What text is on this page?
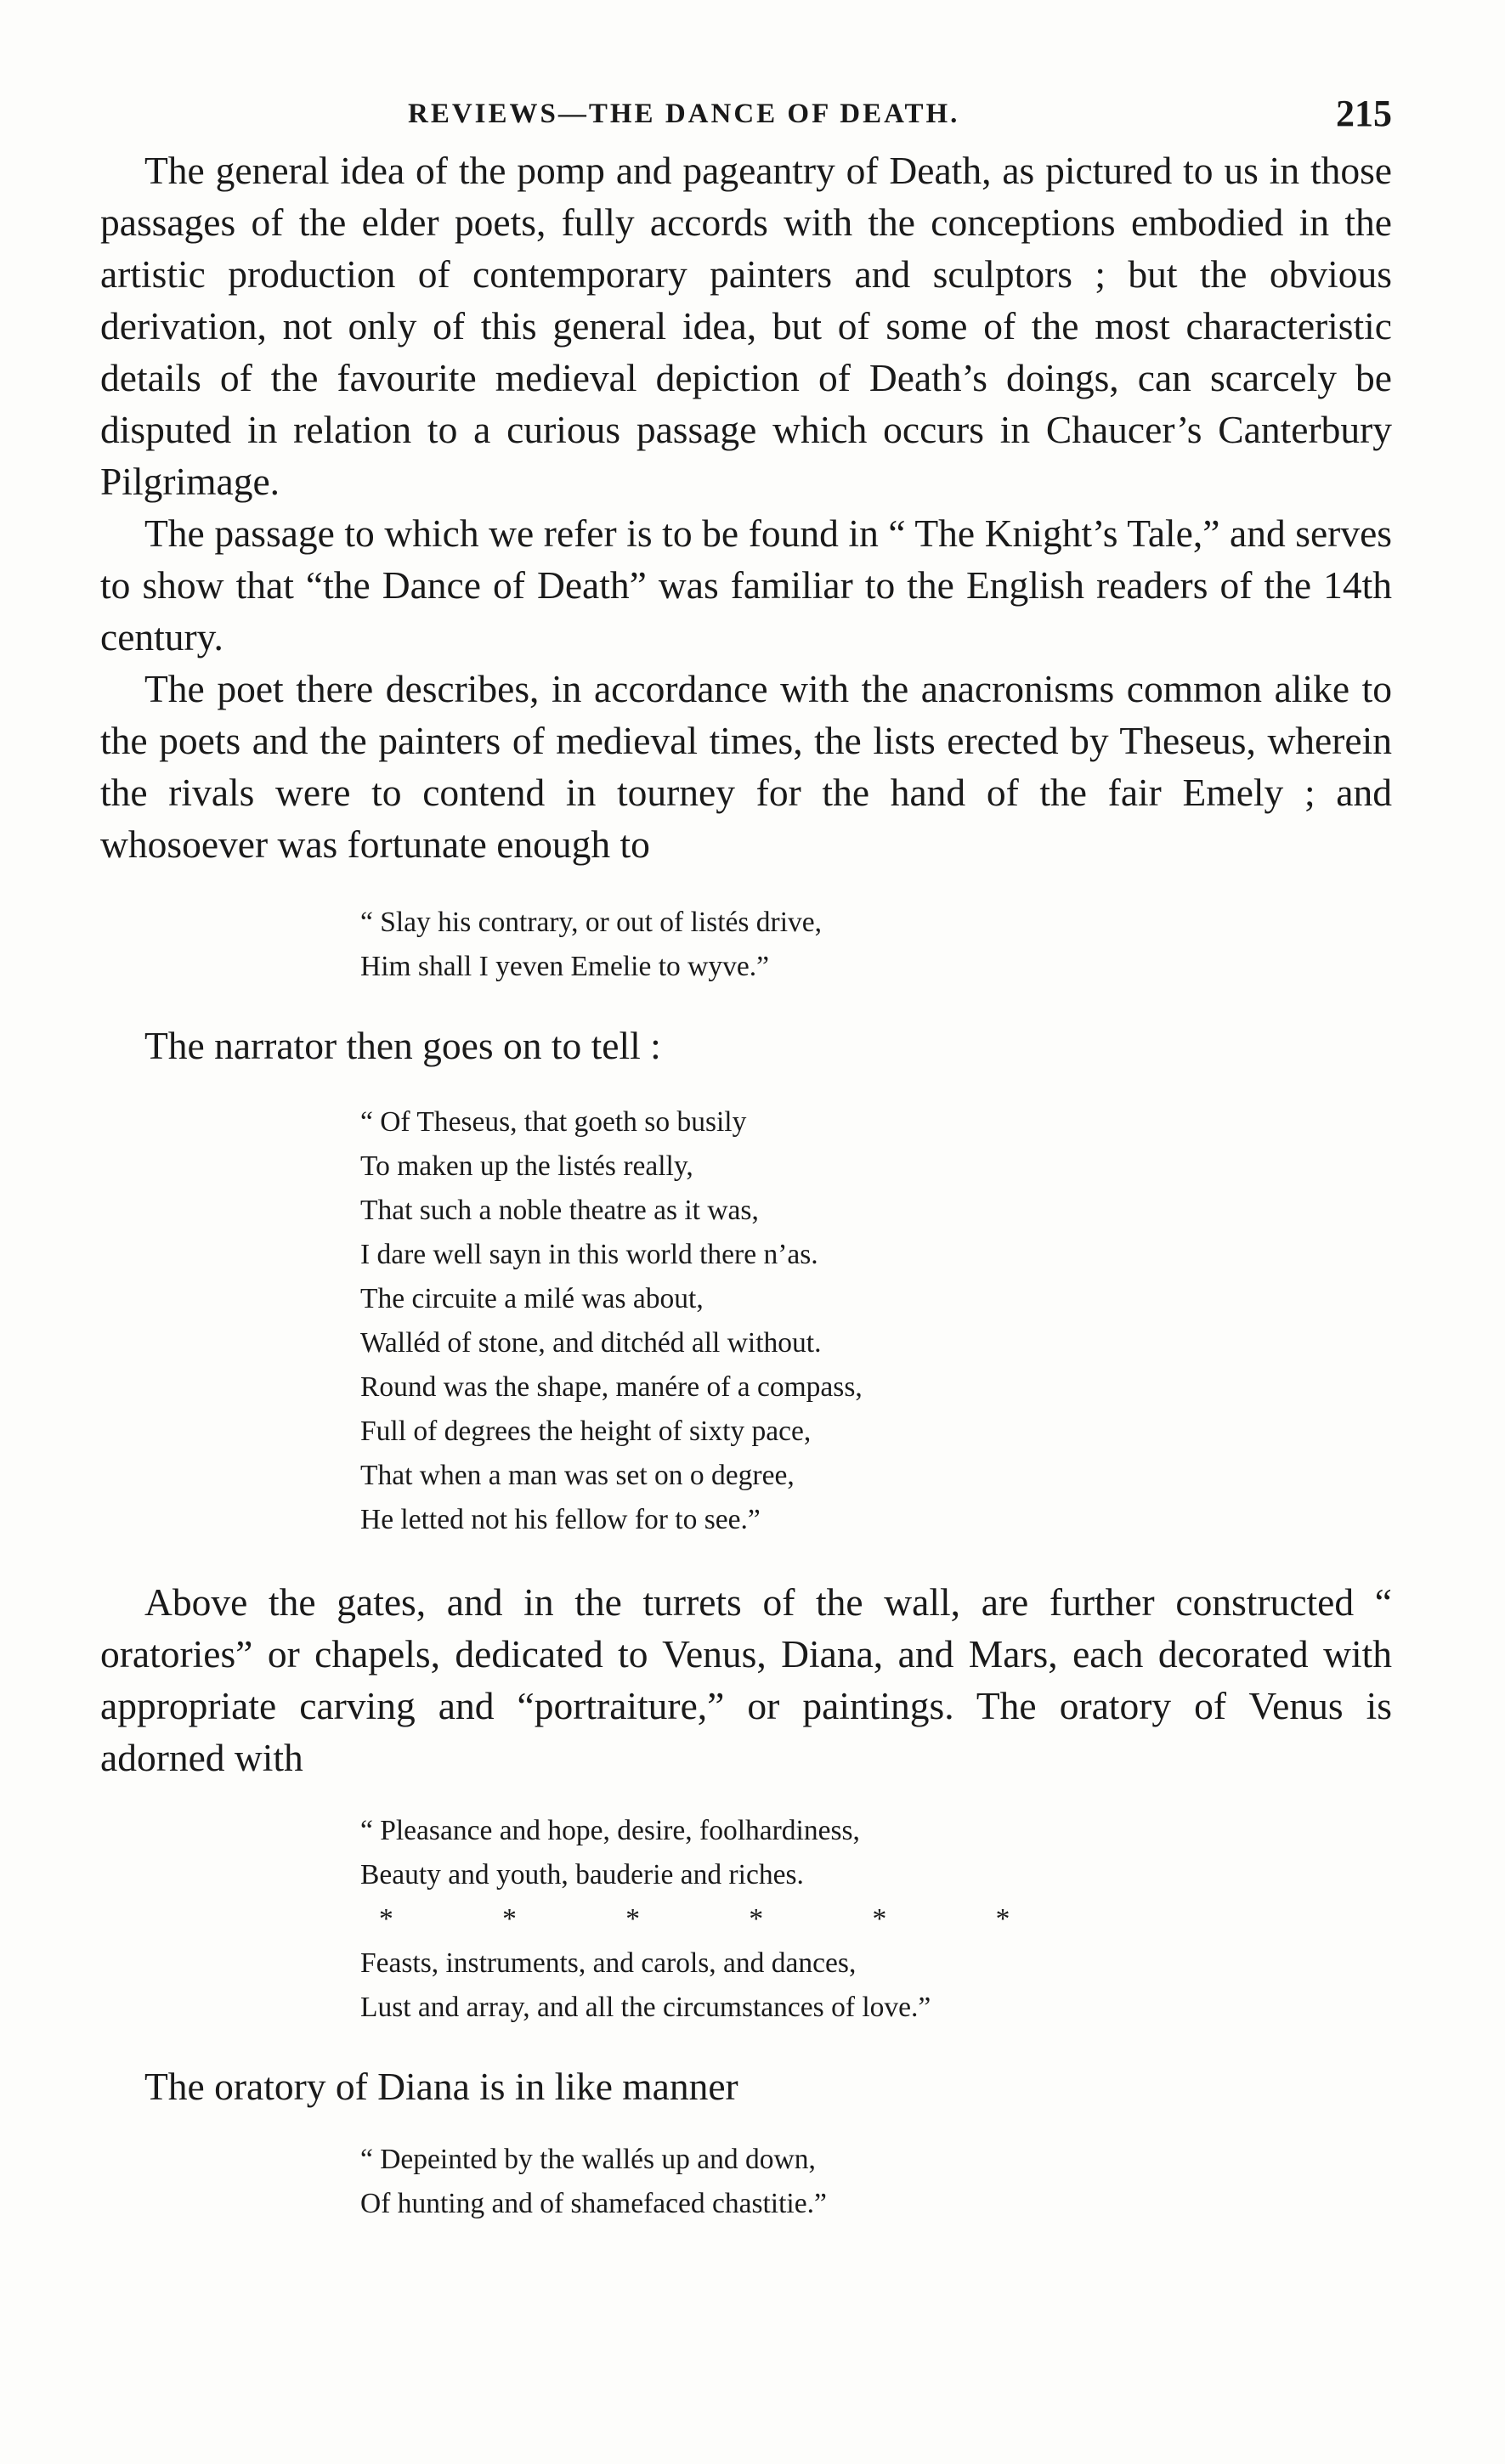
REVIEWS—THE DANCE OF DEATH.	215

The general idea of the pomp and pageantry of Death, as pictured to us in those passages of the elder poets, fully accords with the conceptions embodied in the artistic production of contemporary painters and sculptors ; but the obvious derivation, not only of this general idea, but of some of the most characteristic details of the favourite medieval depiction of Death’s doings, can scarcely be disputed in relation to a curious passage which occurs in Chaucer’s Canterbury Pilgrimage.

The passage to which we refer is to be found in “ The Knight’s Tale,” and serves to show that “the Dance of Death” was familiar to the English readers of the 14th century.

The poet there describes, in accordance with the anacronisms common alike to the poets and the painters of medieval times, the lists erected by Theseus, wherein the rivals were to contend in tourney for the hand of the fair Emely ; and whosoever was fortunate enough to

“ Slay his contrary, or out of listés drive,
Him shall I yeven Emelie to wyve.”
The narrator then goes on to tell :
“ Of Theseus, that goeth so busily
To maken up the listés really,
That such a noble theatre as it was,
I dare well sayn in this world there n’as.
The circuite a milé was about,
Walléd of stone, and ditchéd all without.
Round was the shape, manére of a compass,
Full of degrees the height of sixty pace,
That when a man was set on o degree,
He letted not his fellow for to see.”

Above the gates, and in the turrets of the wall, are further constructed “ oratories” or chapels, dedicated to Venus, Diana, and Mars, each decorated with appropriate carving and “portraiture,” or paintings. The oratory of Venus is adorned with

“ Pleasance and hope, desire, foolhardiness,
Beauty and youth, bauderie and riches.
* * * * * *
Feasts, instruments, and carols, and dances,
Lust and array, and all the circumstances of love.”
The oratory of Diana is in like manner
“ Depeinted by the wallés up and down,
Of hunting and of shamefaced chastitie.”
